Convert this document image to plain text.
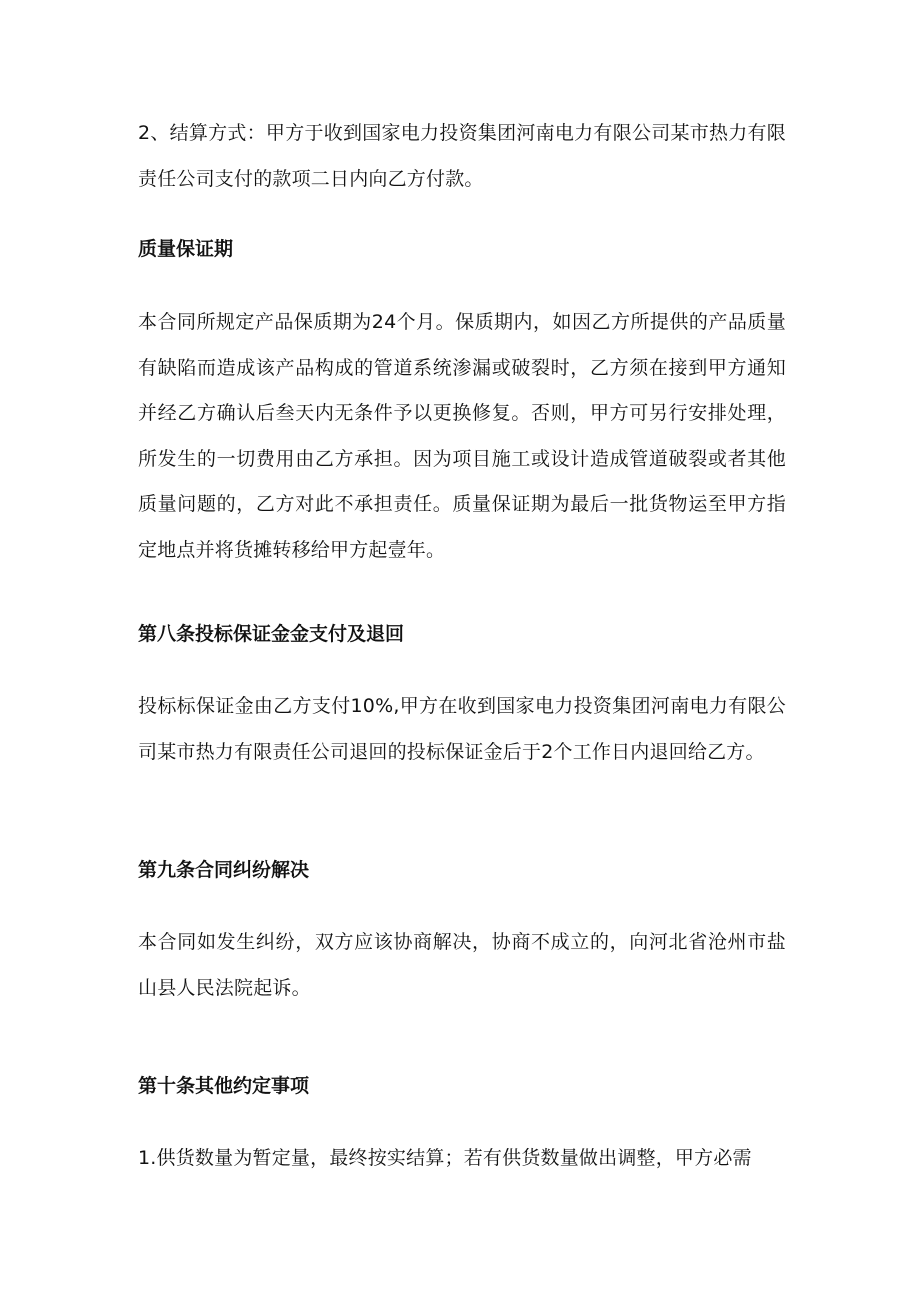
2、结算方式：甲方于收到国家电力投资集团河南电力有限公司某市热力有限责任公司支付的款项二日内向乙方付款。

质量保证期

本合同所规定产品保质期为24个月。保质期内，如因乙方所提供的产品质量有缺陷而造成该产品构成的管道系统渗漏或破裂时，乙方须在接到甲方通知并经乙方确认后叁天内无条件予以更换修复。否则，甲方可另行安排处理，所发生的一切费用由乙方承担。因为项目施工或设计造成管道破裂或者其他质量问题的，乙方对此不承担责任。质量保证期为最后一批货物运至甲方指定地点并将货摊转移给甲方起壹年。

第八条投标保证金金支付及退回

投标标保证金由乙方支付10%,甲方在收到国家电力投资集团河南电力有限公司某市热力有限责任公司退回的投标保证金后于2个工作日内退回给乙方。

第九条合同纠纷解决

本合同如发生纠纷，双方应该协商解决，协商不成立的，向河北省沧州市盐山县人民法院起诉。

第十条其他约定事项

1.供货数量为暂定量，最终按实结算；若有供货数量做出调整，甲方必需
